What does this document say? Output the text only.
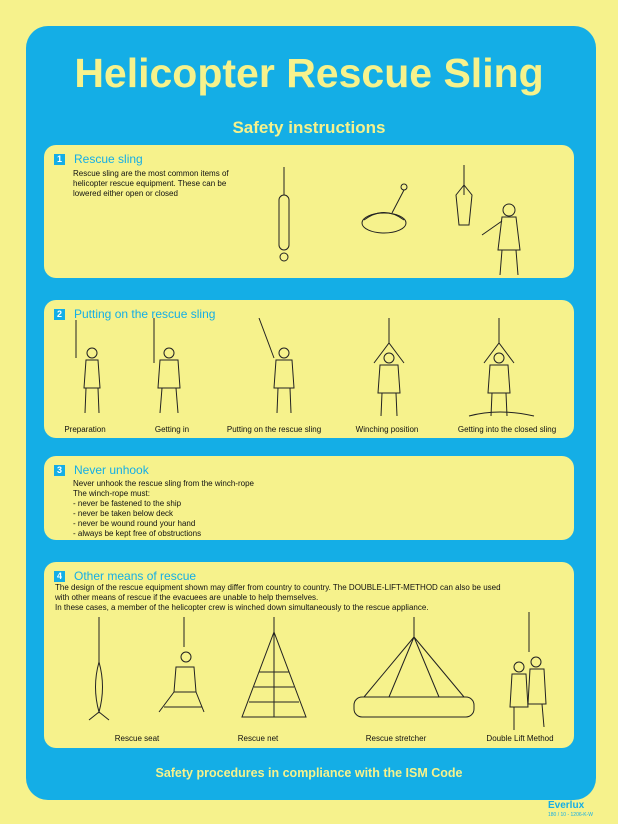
Helicopter Rescue Sling
Safety instructions
1 Rescue sling
Rescue sling are the most common items of
helicopter rescue equipment. These can be
lowered either open or closed
2 Putting on the rescue sling
Preparation	Getting in	Putting on the rescue sling	Winching position	Getting into the closed sling
3 Never unhook
Never unhook the rescue sling from the winch-rope
The winch-rope must:
- never be fastened to the ship
- never be taken below deck
- never be wound round your hand
- always be kept free of obstructions
4 Other means of rescue
The design of the rescue equipment shown may differ from country to country. The DOUBLE-LIFT-METHOD can also be used
with other means of rescue if the evacuees are unable to help themselves.
In these cases, a member of the helicopter crew is winched down simultaneously to the rescue appliance.
Rescue seat	Rescue net	Rescue stretcher	Double Lift Method
Safety procedures in compliance with the ISM Code
Everlux
180 / 10 - 1206-K-W
